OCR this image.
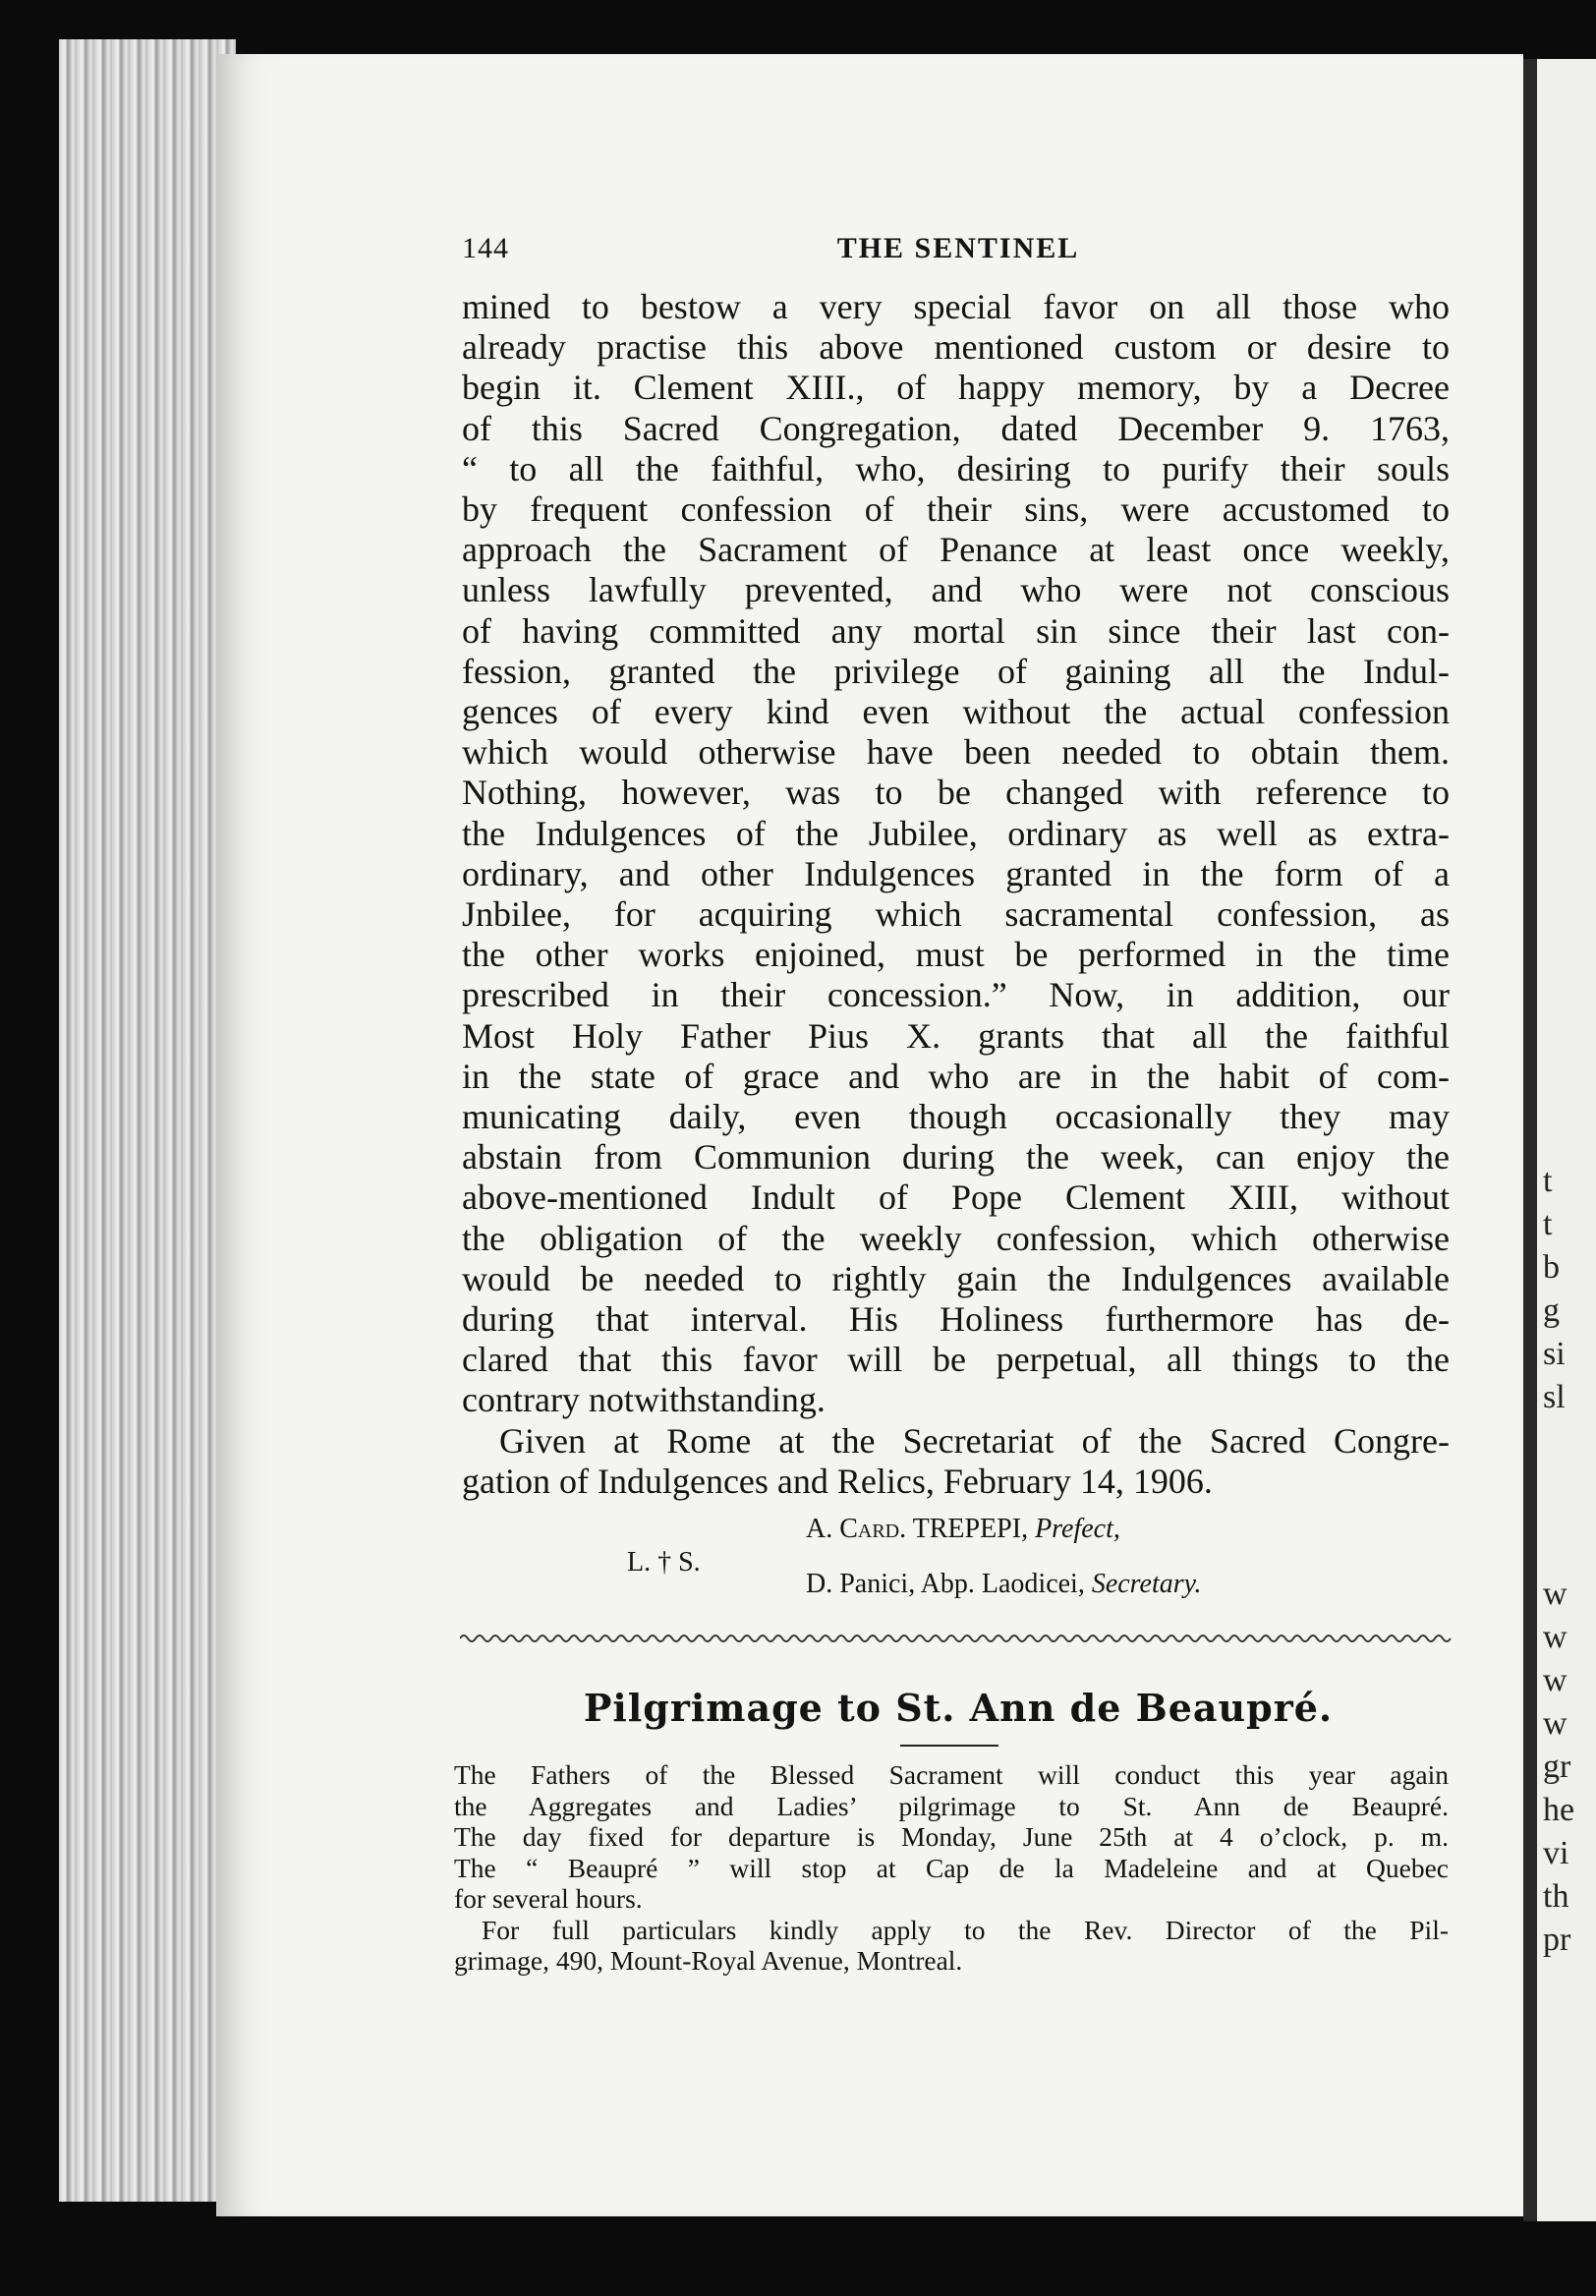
t
t
b
g
si
sl
w
w
w
w
gr
he
vi
th
pr
144	THE SENTINEL
mined to bestow a very special favor on all those who
already practise this above mentioned custom or desire to
begin it. Clement XIII., of happy memory, by a Decree
of this Sacred Congregation, dated December 9. 1763,
“ to all the faithful, who, desiring to purify their souls
by frequent confession of their sins, were accustomed to
approach the Sacrament of Penance at least once weekly,
unless lawfully prevented, and who were not conscious
of having committed any mortal sin since their last con-
fession, granted the privilege of gaining all the Indul-
gences of every kind even without the actual confession
which would otherwise have been needed to obtain them.
Nothing, however, was to be changed with reference to
the Indulgences of the Jubilee, ordinary as well as extra-
ordinary, and other Indulgences granted in the form of a
Jnbilee, for acquiring which sacramental confession, as
the other works enjoined, must be performed in the time
prescribed in their concession.” Now, in addition, our
Most Holy Father Pius X. grants that all the faithful
in the state of grace and who are in the habit of com-
municating daily, even though occasionally they may
abstain from Communion during the week, can enjoy the
above-mentioned Indult of Pope Clement XIII, without
the obligation of the weekly confession, which otherwise
would be needed to rightly gain the Indulgences available
during that interval. His Holiness furthermore has de-
clared that this favor will be perpetual, all things to the
contrary notwithstanding.
Given at Rome at the Secretariat of the Sacred Congre-
gation of Indulgences and Relics, February 14, 1906.
L. † S.
A. Card. TREPEPI, Prefect,
D. Panici, Abp. Laodicei, Secretary.
Pilgrimage to St. Ann de Beaupré.
The Fathers of the Blessed Sacrament will conduct this year again
the Aggregates and Ladies’ pilgrimage to St. Ann de Beaupré.
The day fixed for departure is Monday, June 25th at 4 o’clock, p. m.
The “ Beaupré ” will stop at Cap de la Madeleine and at Quebec
for several hours.
For full particulars kindly apply to the Rev. Director of the Pil-
grimage, 490, Mount-Royal Avenue, Montreal.
